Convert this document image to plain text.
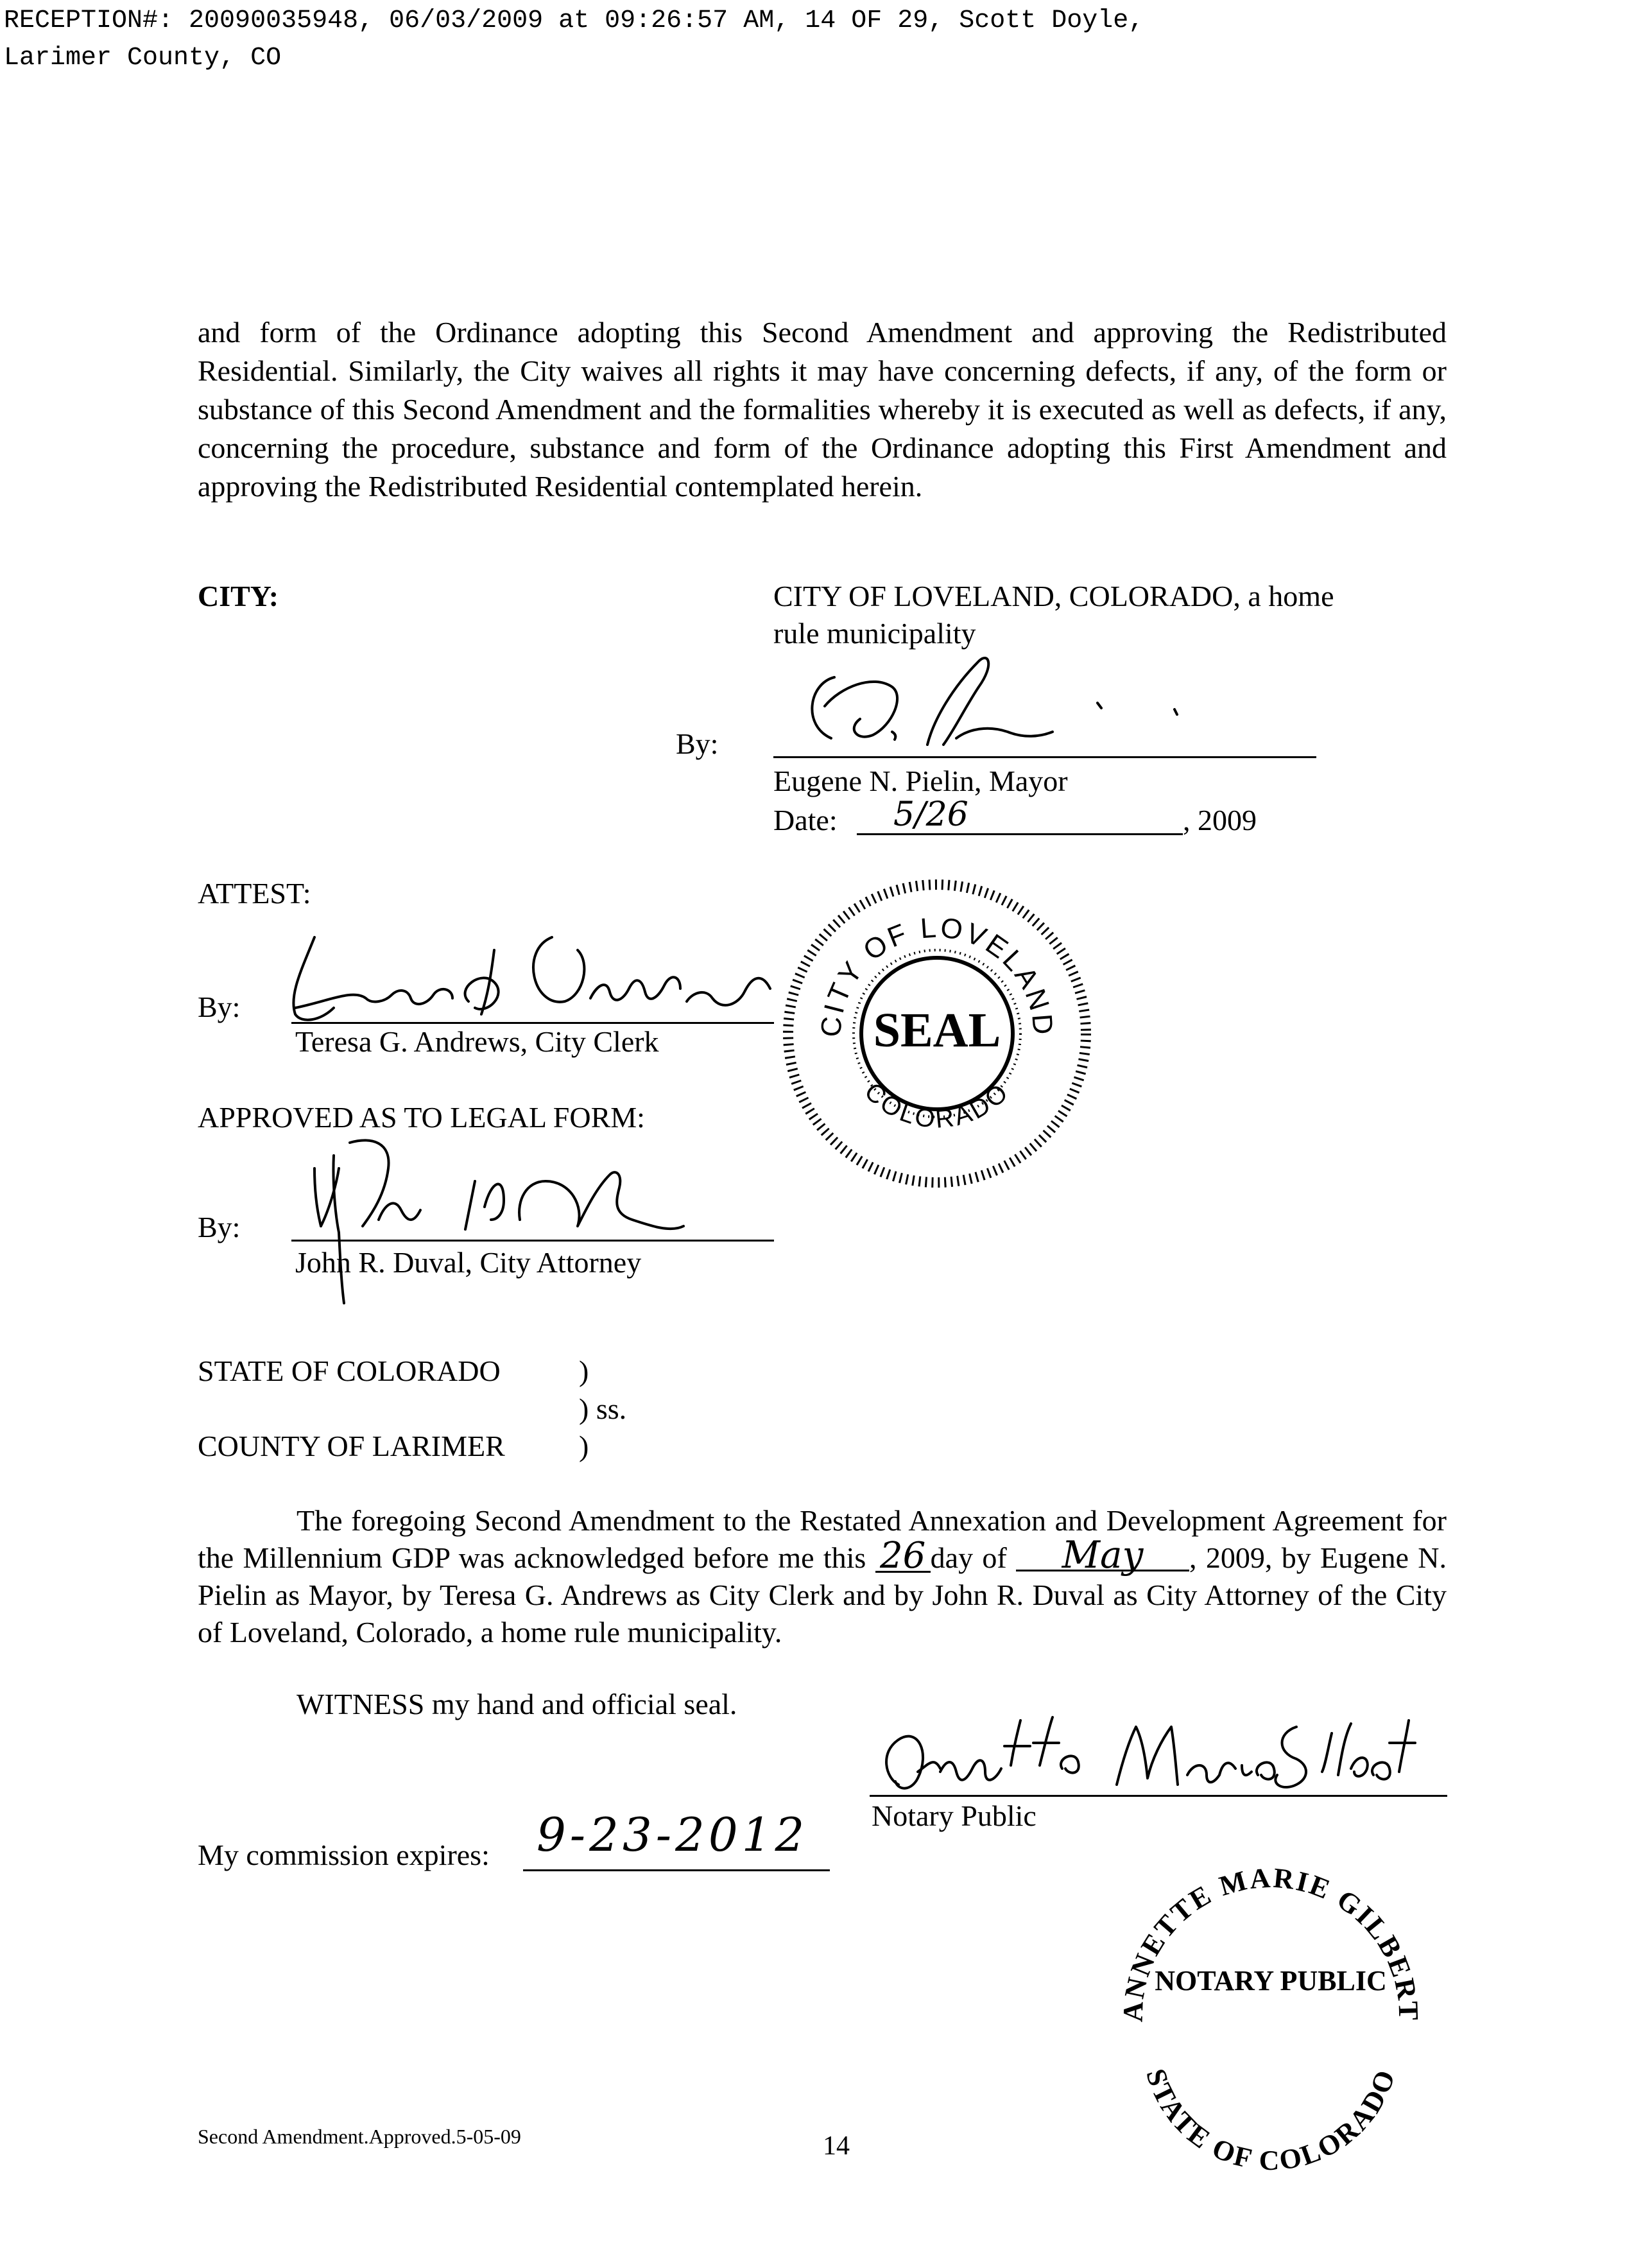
RECEPTION#: 20090035948, 06/03/2009 at 09:26:57 AM, 14 OF 29, Scott Doyle,
Larimer County, CO
and form of the Ordinance adopting this Second Amendment and approving the Redistributed Residential. Similarly, the City waives all rights it may have concerning defects, if any, of the form or substance of this Second Amendment and the formalities whereby it is executed as well as defects, if any, concerning the procedure, substance and form of the Ordinance adopting this First Amendment and approving the Redistributed Residential contemplated herein.
CITY:	CITY OF LOVELAND, COLORADO, a home
rule municipality
By:
Eugene N. Pielin, Mayor
Date: 5/26	, 2009
CITY OF LOVELAND
COLORADO
SEAL
ATTEST:
By:
Teresa G. Andrews, City Clerk
APPROVED AS TO LEGAL FORM:
By:
John R. Duval, City Attorney
STATE OF COLORADO	)
) ss.
COUNTY OF LARIMER	)
The foregoing Second Amendment to the Restated Annexation and Development Agreement for the Millennium GDP was acknowledged before me this 26 day of May , 2009, by Eugene N. Pielin as Mayor, by Teresa G. Andrews as City Clerk and by John R. Duval as City Attorney of the City of Loveland, Colorado, a home rule municipality.
WITNESS my hand and official seal.
Notary Public
My commission expires: 9-23-2012
ANNETTE MARIE GILBERT
NOTARY PUBLIC
STATE OF COLORADO
Second Amendment.Approved.5-05-09	14
